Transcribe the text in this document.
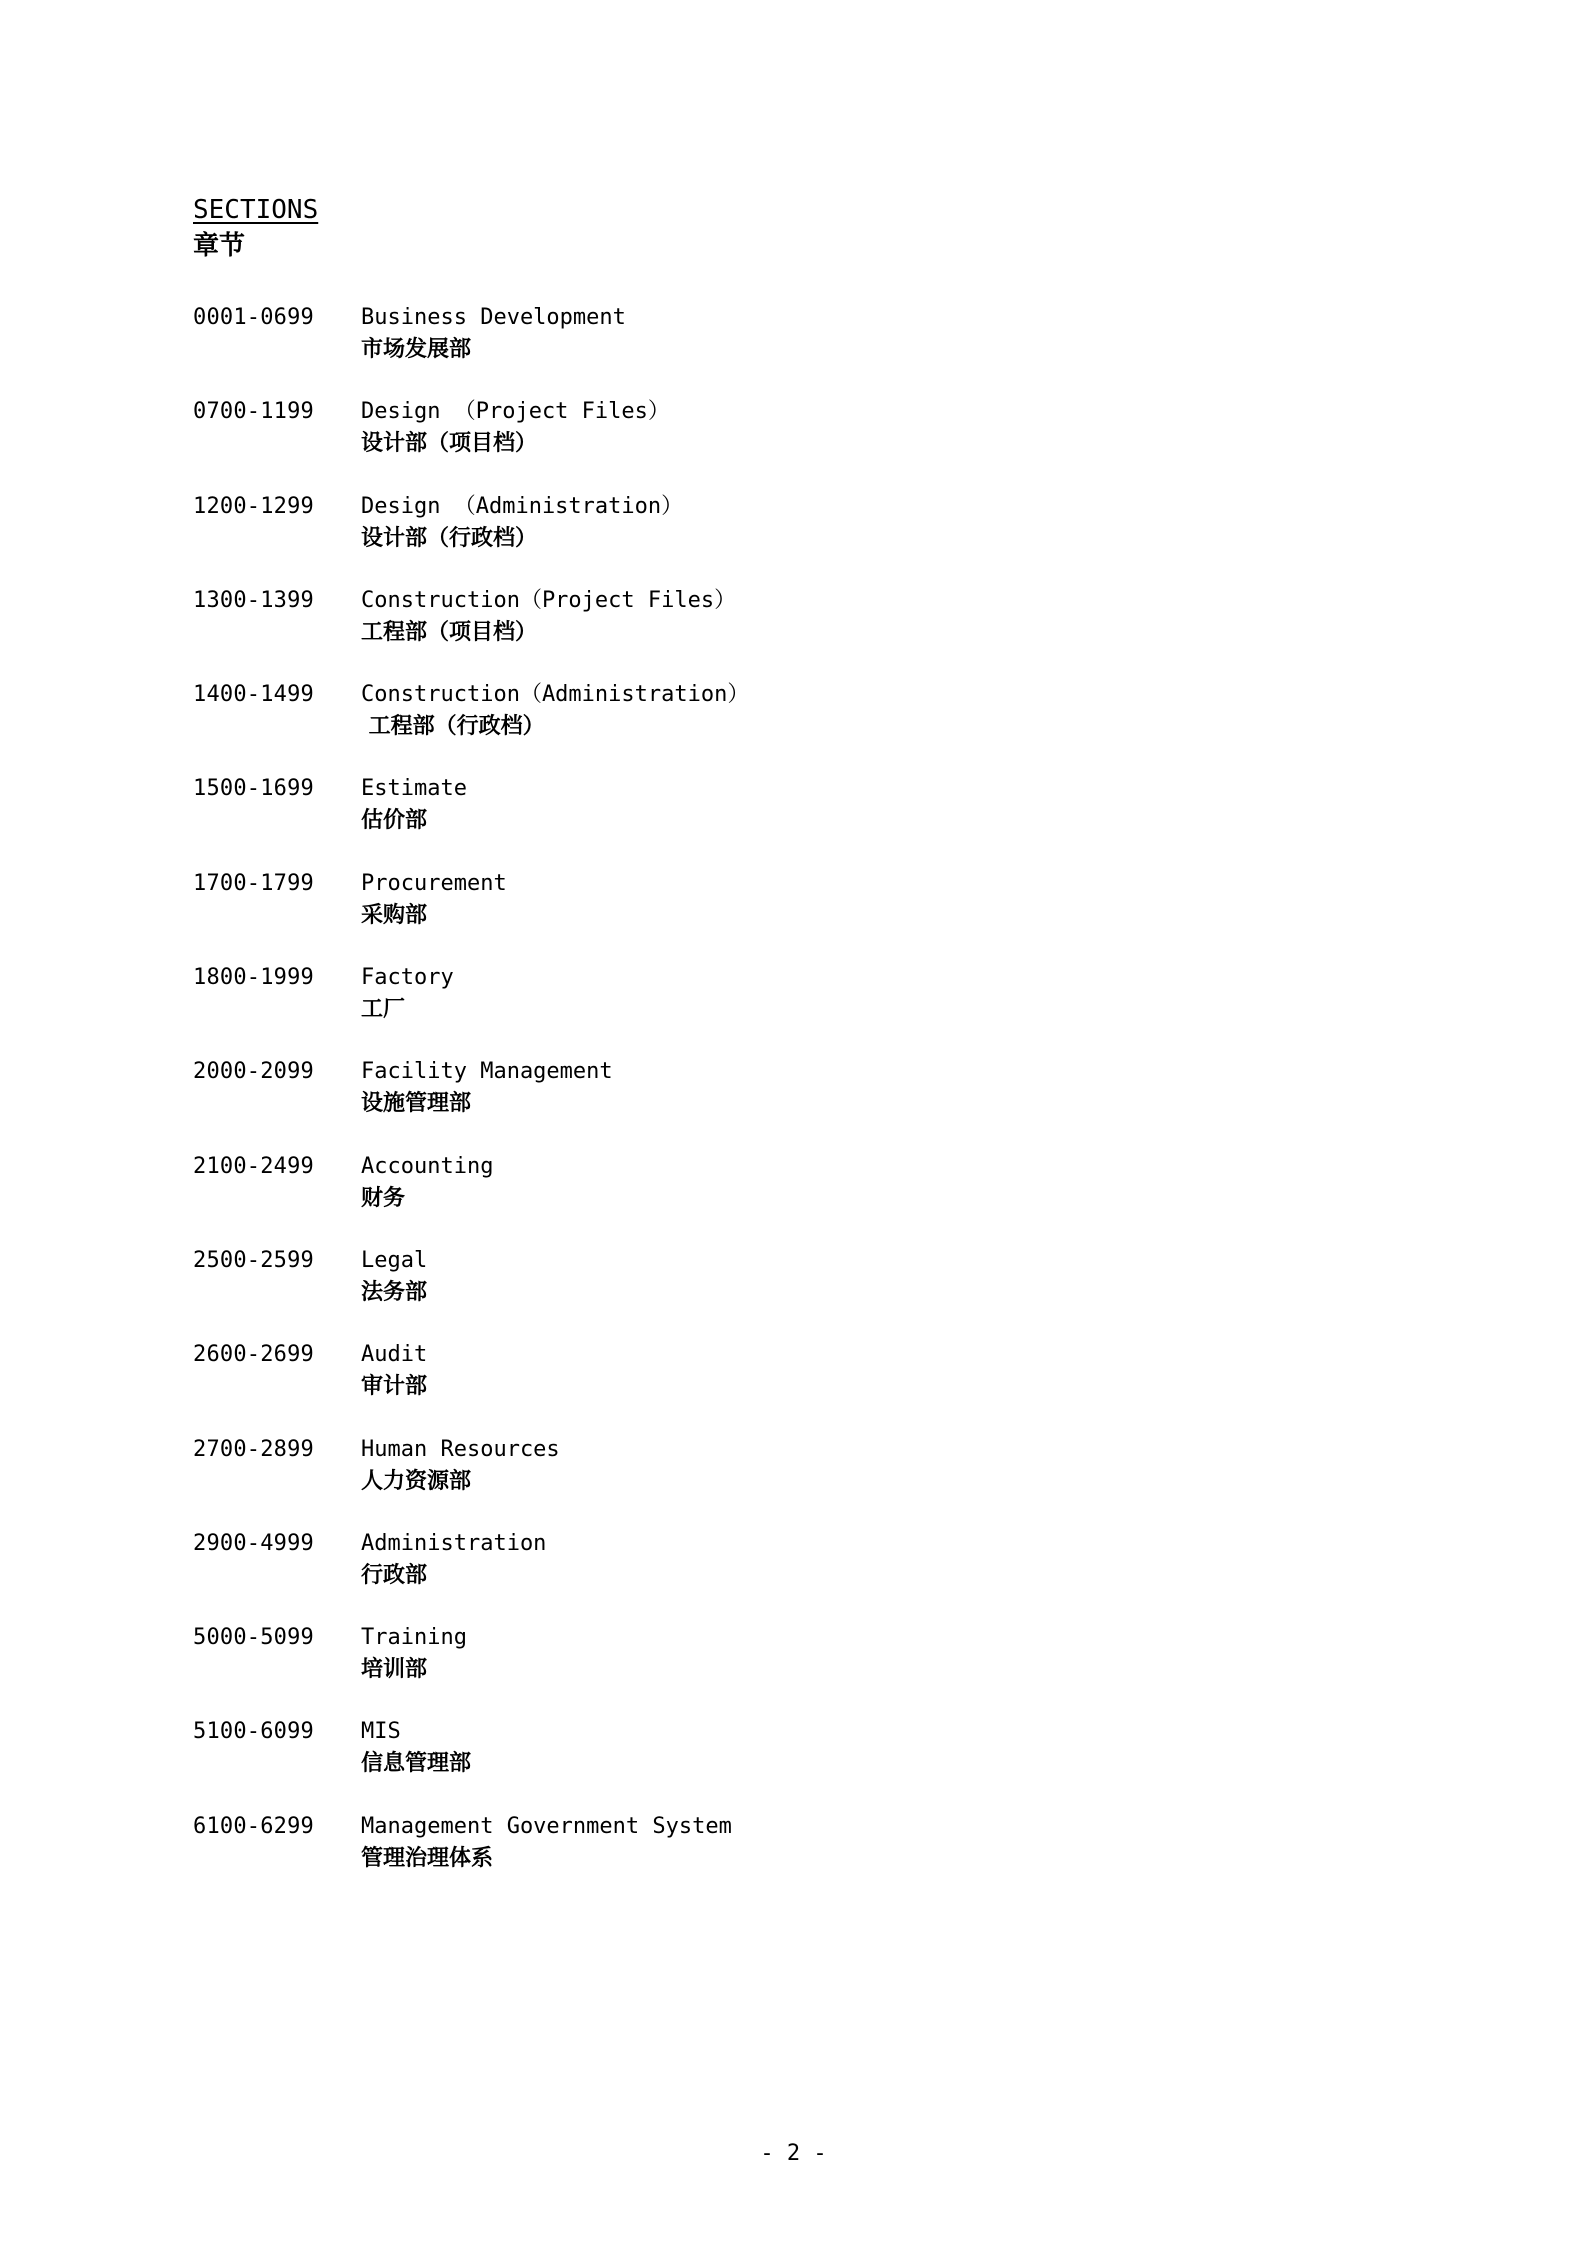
SECTIONS
章节
0001-0699 Business Development
市场发展部
0700-1199 Design （Project Files）
设计部（项目档）
1200-1299 Design （Administration）
设计部（行政档）
1300-1399 Construction（Project Files）
工程部（项目档）
1400-1499 Construction（Administration）
工程部（行政档）
1500-1699 Estimate
估价部
1700-1799 Procurement
采购部
1800-1999 Factory
工厂
2000-2099 Facility Management
设施管理部
2100-2499 Accounting
财务
2500-2599 Legal
法务部
2600-2699 Audit
审计部
2700-2899 Human Resources
人力资源部
2900-4999 Administration
行政部
5000-5099 Training
培训部
5100-6099 MIS
信息管理部
6100-6299 Management Government System
管理治理体系
- 2 -
